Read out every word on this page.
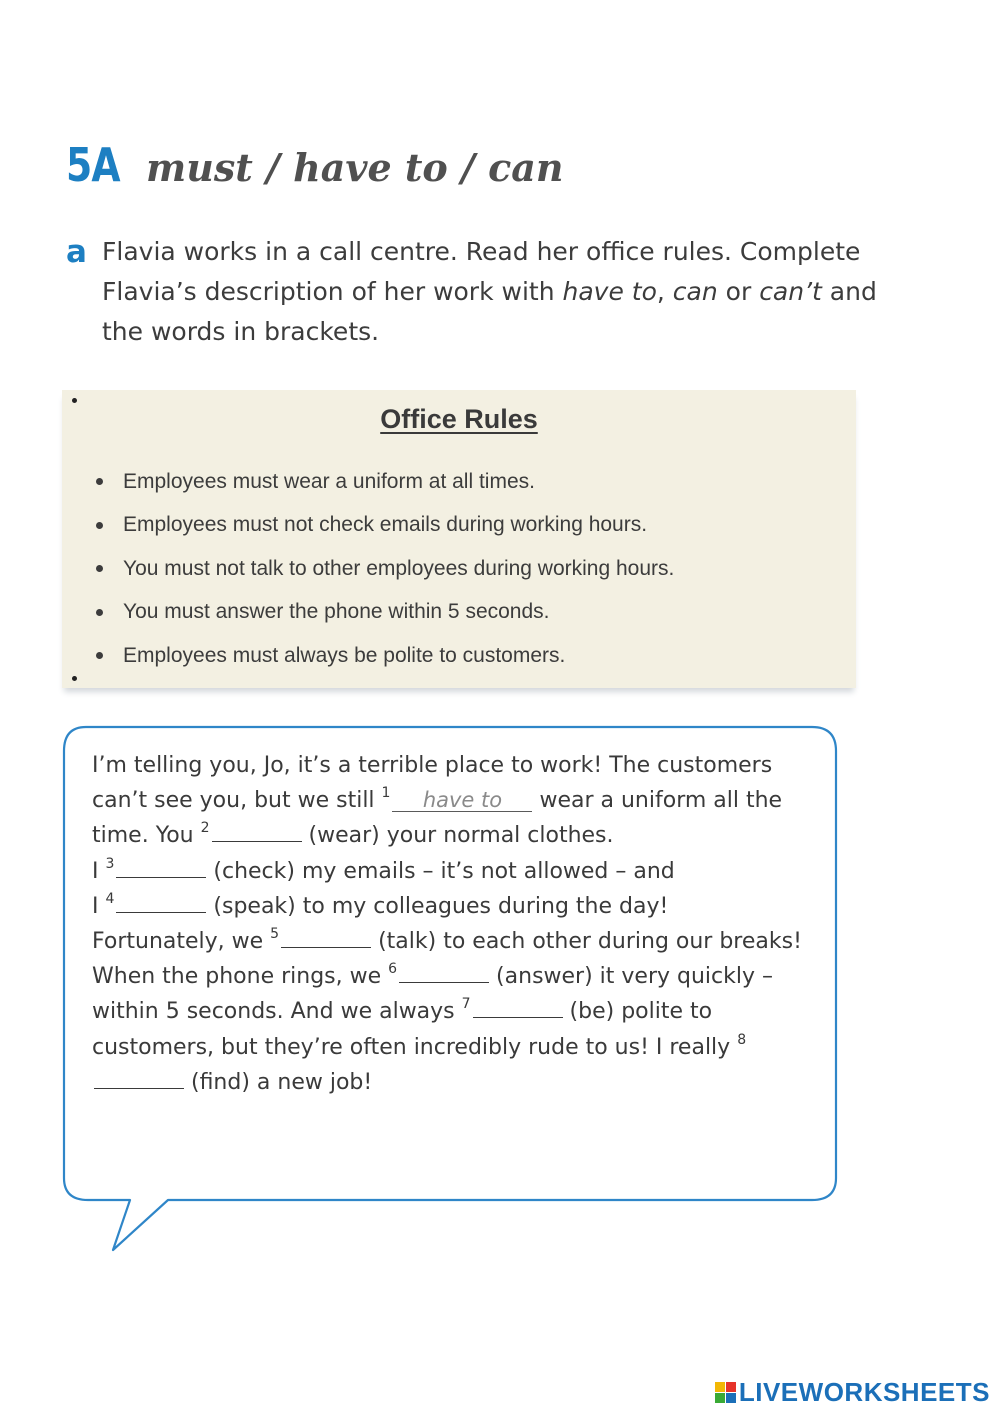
5A must / have to / can
a Flavia works in a call centre. Read her office rules. Complete Flavia’s description of her work with have to, can or can’t and the words in brackets.
Office Rules
Employees must wear a uniform at all times.
Employees must not check emails during working hours.
You must not talk to other employees during working hours.
You must answer the phone within 5 seconds.
Employees must always be polite to customers.

I’m telling you, Jo, it’s a terrible place to work! The customers can’t see you, but we still $^1$ have to wear a uniform all the time. You $^2$	(wear) your normal clothes.

I $^3$	(check) my emails – it’s not allowed – and
I $^4$	(speak) to my colleagues during the day!

Fortunately, we $^5$	(talk) to each other during our breaks!

When the phone rings, we $^6$	(answer) it very quickly – within 5 seconds. And we always $^7$	(be) polite to customers, but they’re often incredibly rude to us! I really $^8$ (find) a new job!

LIVEWORKSHEETS
